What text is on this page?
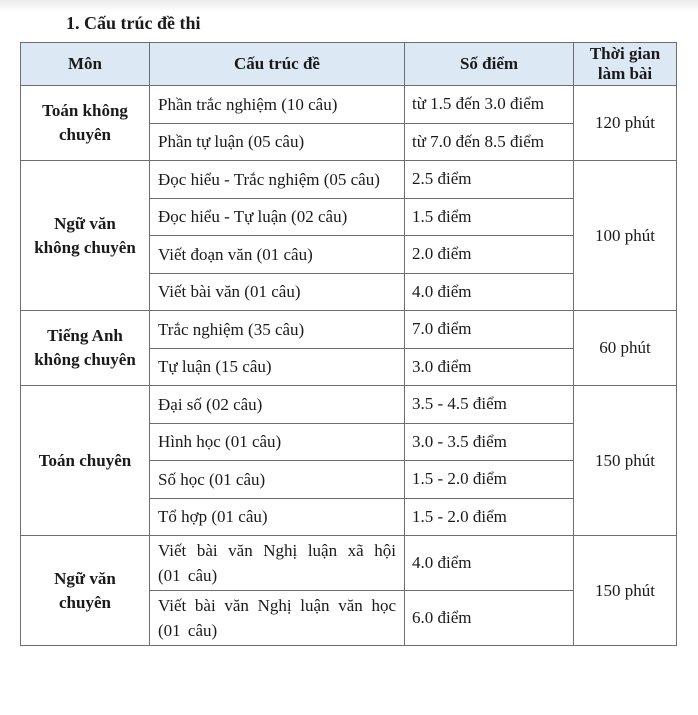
1. Cấu trúc đề thi
Môn	Cấu trúc đề	Số điểm	Thời gian
làm bài

Toán không
chuyên	Phần trắc nghiệm (10 câu)	từ 1.5 đến 3.0 điểm	120 phút
	Phần tự luận (05 câu)	từ 7.0 đến 8.5 điểm	

Ngữ văn
không chuyên	Đọc hiểu - Trắc nghiệm (05 câu)	2.5 điểm	100 phút
	Đọc hiểu - Tự luận (02 câu)	1.5 điểm	
	Viết đoạn văn (01 câu)	2.0 điểm	
	Viết bài văn (01 câu)	4.0 điểm	

Tiếng Anh
không chuyên	Trắc nghiệm (35 câu)	7.0 điểm	60 phút
	Tự luận (15 câu)	3.0 điểm	

Toán chuyên	Đại số (02 câu)	3.5 - 4.5 điểm	150 phút
	Hình học (01 câu)	3.0 - 3.5 điểm	
	Số học (01 câu)	1.5 - 2.0 điểm	
	Tổ hợp (01 câu)	1.5 - 2.0 điểm	

Ngữ văn
chuyên	Viết bài văn Nghị luận xã hội (01 câu)	4.0 điểm	150 phút
	Viết bài văn Nghị luận văn học (01 câu)	6.0 điểm	
